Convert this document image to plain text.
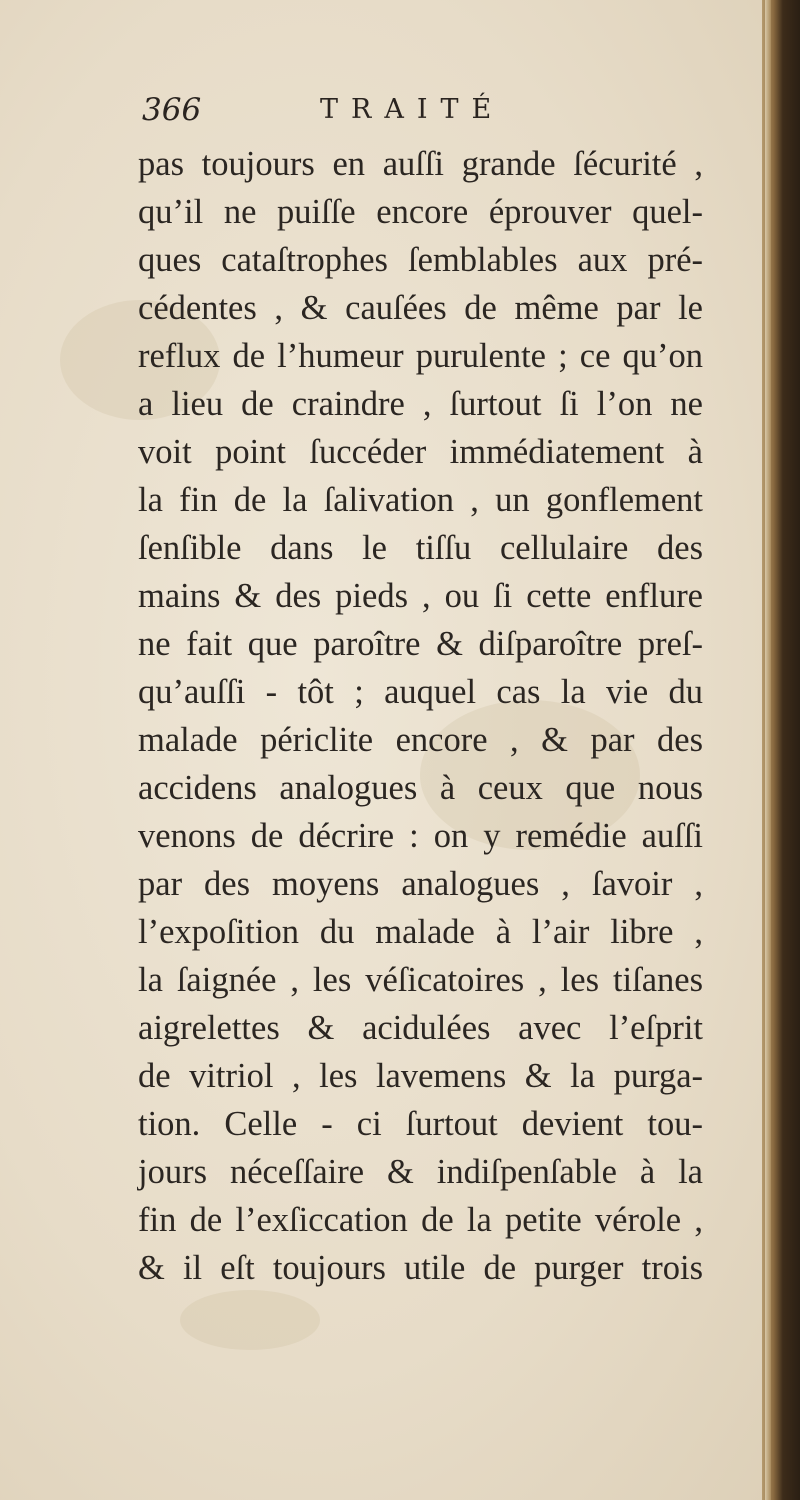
366	TRAITÉ
pas toujours en auſſi grande ſécurité ,
qu’il ne puiſſe encore éprouver quel-
ques cataſtrophes ſemblables aux pré-
cédentes , & cauſées de même par le
reflux de l’humeur purulente ; ce qu’on
a lieu de craindre , ſurtout ſi l’on ne
voit point ſuccéder immédiatement à
la fin de la ſalivation , un gonflement
ſenſible dans le tiſſu cellulaire des
mains & des pieds , ou ſi cette enflure
ne fait que paroître & diſparoître preſ-
qu’auſſi - tôt ; auquel cas la vie du
malade périclite encore , & par des
accidens analogues à ceux que nous
venons de décrire : on y remédie auſſi
par des moyens analogues , ſavoir ,
l’expoſition du malade à l’air libre ,
la ſaignée , les véſicatoires , les tiſanes
aigrelettes & acidulées avec l’eſprit
de vitriol , les lavemens & la purga-
tion. Celle - ci ſurtout devient tou-
jours néceſſaire & indiſpenſable à la
fin de l’exſiccation de la petite vérole ,
& il eſt toujours utile de purger trois
